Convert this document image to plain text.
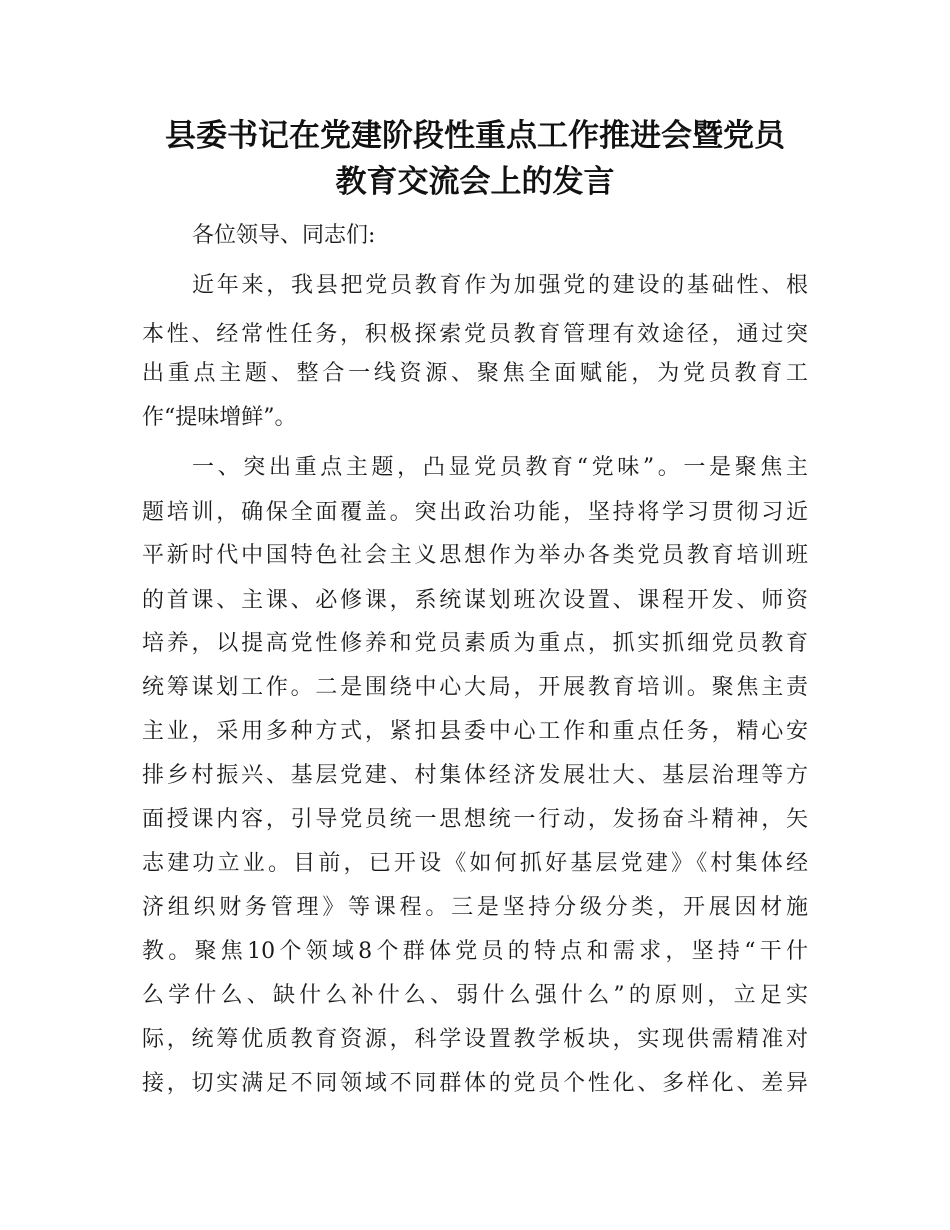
县委书记在党建阶段性重点工作推进会暨党员
教育交流会上的发言
各位领导、同志们:
近年来，我县把党员教育作为加强党的建设的基础性、根
本性、经常性任务，积极探索党员教育管理有效途径，通过突
出重点主题、整合一线资源、聚焦全面赋能，为党员教育工
作“提味增鲜”。
一、突出重点主题，凸显党员教育“党味”。一是聚焦主
题培训，确保全面覆盖。突出政治功能，坚持将学习贯彻习近
平新时代中国特色社会主义思想作为举办各类党员教育培训班
的首课、主课、必修课，系统谋划班次设置、课程开发、师资
培养，以提高党性修养和党员素质为重点，抓实抓细党员教育
统筹谋划工作。二是围绕中心大局，开展教育培训。聚焦主责
主业，采用多种方式，紧扣县委中心工作和重点任务，精心安
排乡村振兴、基层党建、村集体经济发展壮大、基层治理等方
面授课内容，引导党员统一思想统一行动，发扬奋斗精神，矢
志建功立业。目前，已开设《如何抓好基层党建》《村集体经
济组织财务管理》等课程。三是坚持分级分类，开展因材施
教。聚焦10个领域8个群体党员的特点和需求，坚持“干什
么学什么、缺什么补什么、弱什么强什么”的原则，立足实
际，统筹优质教育资源，科学设置教学板块，实现供需精准对
接，切实满足不同领域不同群体的党员个性化、多样化、差异
